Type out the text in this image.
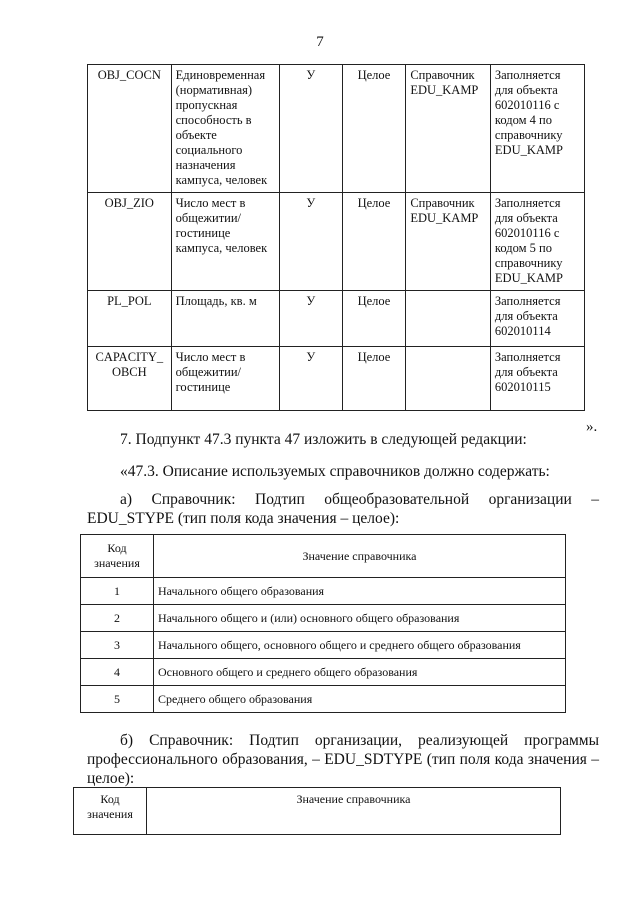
7
OBJ_COCN	Единовременная (нормативная) пропускная способность в объекте социального назначения кампуса, человек	У	Целое	Справочник EDU_KAMP	Заполняется для объекта 602010116 с кодом 4 по справочнику EDU_KAMP
OBJ_ZIO	Число мест в общежитии/ гостинице кампуса, человек	У	Целое	Справочник EDU_KAMP	Заполняется для объекта 602010116 с кодом 5 по справочнику EDU_KAMP
PL_POL	Площадь, кв. м	У	Целое		Заполняется для объекта 602010114
CAPACITY_ OBCH	Число мест в общежитии/ гостинице	У	Целое		Заполняется для объекта 602010115
».
7. Подпункт 47.3 пункта 47 изложить в следующей редакции:
«47.3. Описание используемых справочников должно содержать:
а) Справочник: Подтип общеобразовательной организации – EDU_STYPE (тип поля кода значения – целое):
Код значения	Значение справочника
1	Начального общего образования
2	Начального общего и (или) основного общего образования
3	Начального общего, основного общего и среднего общего образования
4	Основного общего и среднего общего образования
5	Среднего общего образования
б) Справочник: Подтип организации, реализующей программы профессионального образования, – EDU_SDTYPE (тип поля кода значения – целое):
Код значения	Значение справочника
